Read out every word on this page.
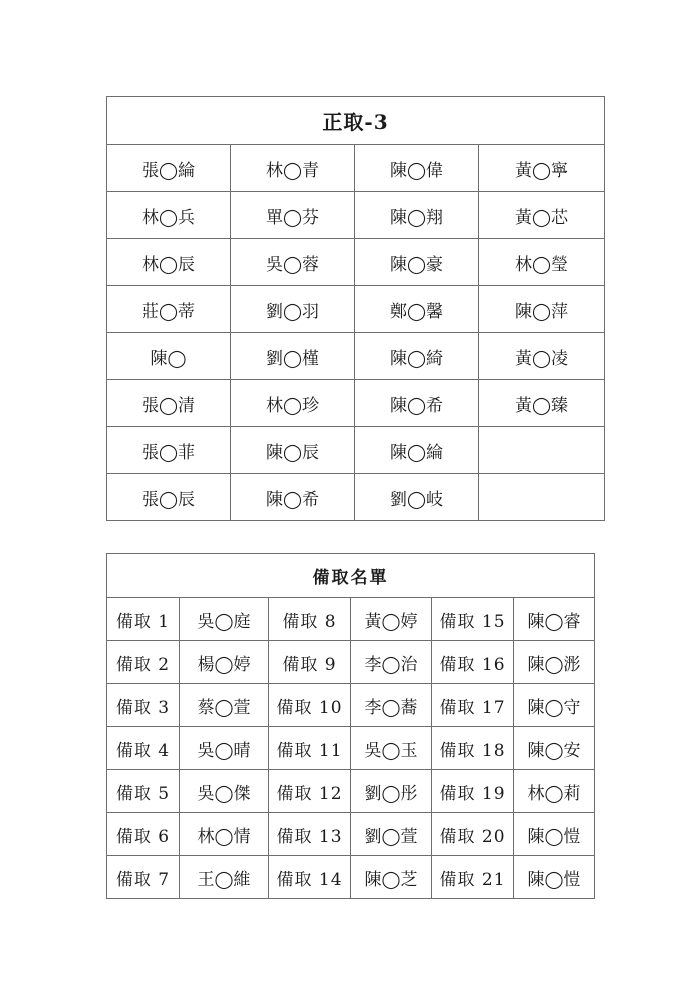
正取-3			
張◯綸	林◯青	陳◯偉	黃◯寧
林◯兵	單◯芬	陳◯翔	黃◯芯
林◯辰	吳◯蓉	陳◯豪	林◯瑩
莊◯蒂	劉◯羽	鄭◯馨	陳◯萍
陳◯	劉◯槿	陳◯綺	黃◯凌
張◯清	林◯珍	陳◯希	黃◯臻
張◯菲	陳◯辰	陳◯綸	
張◯辰	陳◯希	劉◯岐	
備取名單					
備取 1	吳◯庭	備取 8	黃◯婷	備取 15	陳◯睿
備取 2	楊◯婷	備取 9	李◯治	備取 16	陳◯浵
備取 3	蔡◯萱	備取 10	李◯蕎	備取 17	陳◯守
備取 4	吳◯晴	備取 11	吳◯玉	備取 18	陳◯安
備取 5	吳◯傑	備取 12	劉◯彤	備取 19	林◯莉
備取 6	林◯情	備取 13	劉◯萱	備取 20	陳◯愷
備取 7	王◯維	備取 14	陳◯芝	備取 21	陳◯愷
